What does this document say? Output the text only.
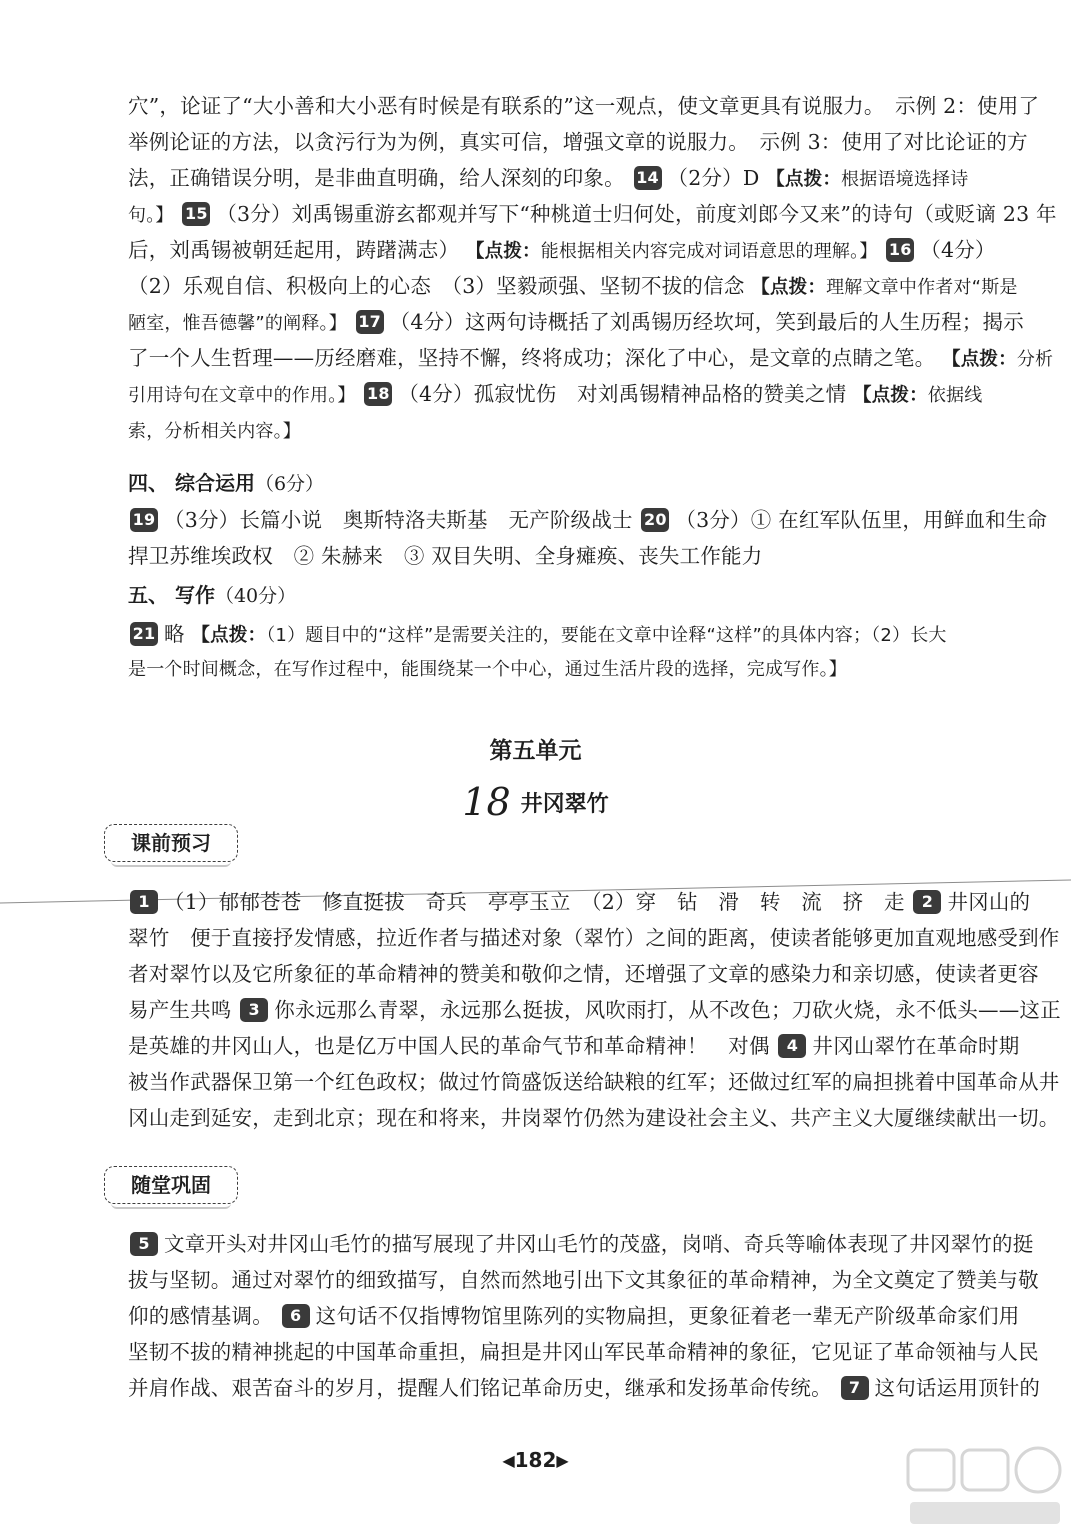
穴”，论证了“大小善和大小恶有时候是有联系的”这一观点，使文章更具有说服力。　示例 2：使用了
举例论证的方法，以贪污行为为例，真实可信，增强文章的说服力。　示例 3：使用了对比论证的方
法，正确错误分明，是非曲直明确，给人深刻的印象。 14 （2分）D 【点拨：根据语境选择诗
句。】 15 （3分）刘禹锡重游玄都观并写下“种桃道士归何处，前度刘郎今又来”的诗句（或贬谪 23 年
后，刘禹锡被朝廷起用，踌躇满志） 【点拨：能根据相关内容完成对词语意思的理解。】 16 （4分）
（2）乐观自信、积极向上的心态　（3）坚毅顽强、坚韧不拔的信念 【点拨：理解文章中作者对“斯是
陋室，惟吾德馨”的阐释。】 17 （4分）这两句诗概括了刘禹锡历经坎坷，笑到最后的人生历程；揭示
了一个人生哲理——历经磨难，坚持不懈，终将成功；深化了中心，是文章的点睛之笔。 【点拨：分析
引用诗句在文章中的作用。】 18 （4分）孤寂忧伤　对刘禹锡精神品格的赞美之情 【点拨：依据线
索，分析相关内容。】
四、 综合运用（6分）
19 （3分）长篇小说　奥斯特洛夫斯基　无产阶级战士 20 （3分）① 在红军队伍里，用鲜血和生命
捍卫苏维埃政权　② 朱赫来　③ 双目失明、全身瘫痪、丧失工作能力
五、 写作（40分）
21 略 【点拨：（1）题目中的“这样”是需要关注的，要能在文章中诠释“这样”的具体内容；（2）长大
是一个时间概念，在写作过程中，能围绕某一个中心，通过生活片段的选择，完成写作。】
第五单元
18 井冈翠竹
课前预习
1 （1）郁郁苍苍　修直挺拔　奇兵　亭亭玉立　（2）穿　钻　滑　转　流　挤　走 2 井冈山的
翠竹　便于直接抒发情感，拉近作者与描述对象（翠竹）之间的距离，使读者能够更加直观地感受到作
者对翠竹以及它所象征的革命精神的赞美和敬仰之情，还增强了文章的感染力和亲切感，使读者更容
易产生共鸣 3 你永远那么青翠，永远那么挺拔，风吹雨打，从不改色；刀砍火烧，永不低头——这正
是英雄的井冈山人，也是亿万中国人民的革命气节和革命精神！　对偶 4 井冈山翠竹在革命时期
被当作武器保卫第一个红色政权；做过竹筒盛饭送给缺粮的红军；还做过红军的扁担挑着中国革命从井
冈山走到延安，走到北京；现在和将来，井岗翠竹仍然为建设社会主义、共产主义大厦继续献出一切。
随堂巩固
5 文章开头对井冈山毛竹的描写展现了井冈山毛竹的茂盛，岗哨、奇兵等喻体表现了井冈翠竹的挺
拔与坚韧。通过对翠竹的细致描写，自然而然地引出下文其象征的革命精神，为全文奠定了赞美与敬
仰的感情基调。 6 这句话不仅指博物馆里陈列的实物扁担，更象征着老一辈无产阶级革命家们用
坚韧不拔的精神挑起的中国革命重担，扁担是井冈山军民革命精神的象征，它见证了革命领袖与人民
并肩作战、艰苦奋斗的岁月，提醒人们铭记革命历史，继承和发扬革命传统。 7 这句话运用顶针的
◀182▶
